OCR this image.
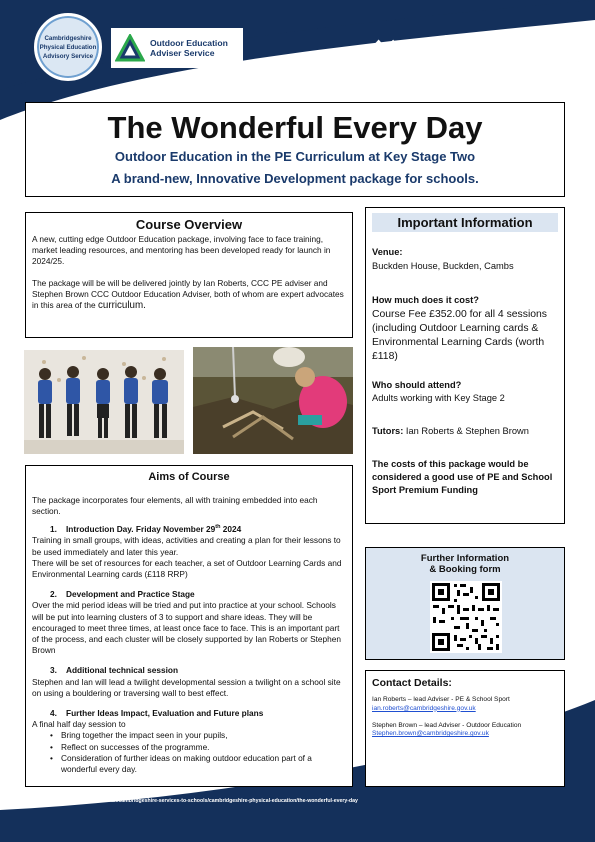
Cambridgeshire
Physical Education
Advisory Service
Outdoor Education
Adviser Service	Cambridgeshire
County Council
The Wonderful Every Day
Outdoor Education in the PE Curriculum at Key Stage Two
A brand-new, Innovative Development package for schools.
Course Overview

A new, cutting edge Outdoor Education package, involving face to face training, market leading resources, and mentoring has been developed ready for launch in 2024/25.

The package will be will be delivered jointly by Ian Roberts, CCC PE adviser and Stephen Brown CCC Outdoor Education Adviser, both of whom are expert advocates in this area of the curriculum.

Important Information
Venue:
Buckden House, Buckden, Cambs
How much does it cost?
Course Fee £352.00 for all 4 sessions (including Outdoor Learning cards & Environmental Learning Cards (worth £118)
Who should attend?
Adults working with Key Stage 2
Tutors: Ian Roberts & Stephen Brown
The costs of this package would be considered a good use of PE and School Sport Premium Funding
Aims of Course

The package incorporates four elements, all with training embedded into each section.

1. Introduction Day. Friday November 29th 2024

Training in small groups, with ideas, activities and creating a plan for their lessons to be used immediately and later this year.

There will be set of resources for each teacher, a set of Outdoor Learning Cards and Environmental Learning cards (£118 RRP)

2. Development and Practice Stage

Over the mid period ideas will be tried and put into practice at your school. Schools will be put into learning clusters of 3 to support and share ideas. They will be encouraged to meet three times, at least once face to face. This is an important part of the process, and each cluster will be closely supported by Ian Roberts or Stephen Brown

3. Additional technical session

Stephen and Ian will lead a twilight developmental session a twilight on a school site on using a bouldering or traversing wall to best effect.

4. Further Ideas Impact, Evaluation and Future plans

A final half day session to

• Bring together the impact seen in your pupils,
• Reflect on successes of the programme.
• Consideration of further ideas on making outdoor education part of a wonderful every day.
Further Information
& Booking form
Contact Details:

Ian Roberts – lead Adviser - PE & School Sport

ian.roberts@cambridgeshire.gov.uk

Stephen Brown – lead Adviser - Outdoor Education

Stephen.brown@cambridgeshire.gov.uk
https://www.cambslearntogether.co.uk/cambridgeshire-services-to-schools/cambridgeshire-physical-education/the-wonderful-every-day
